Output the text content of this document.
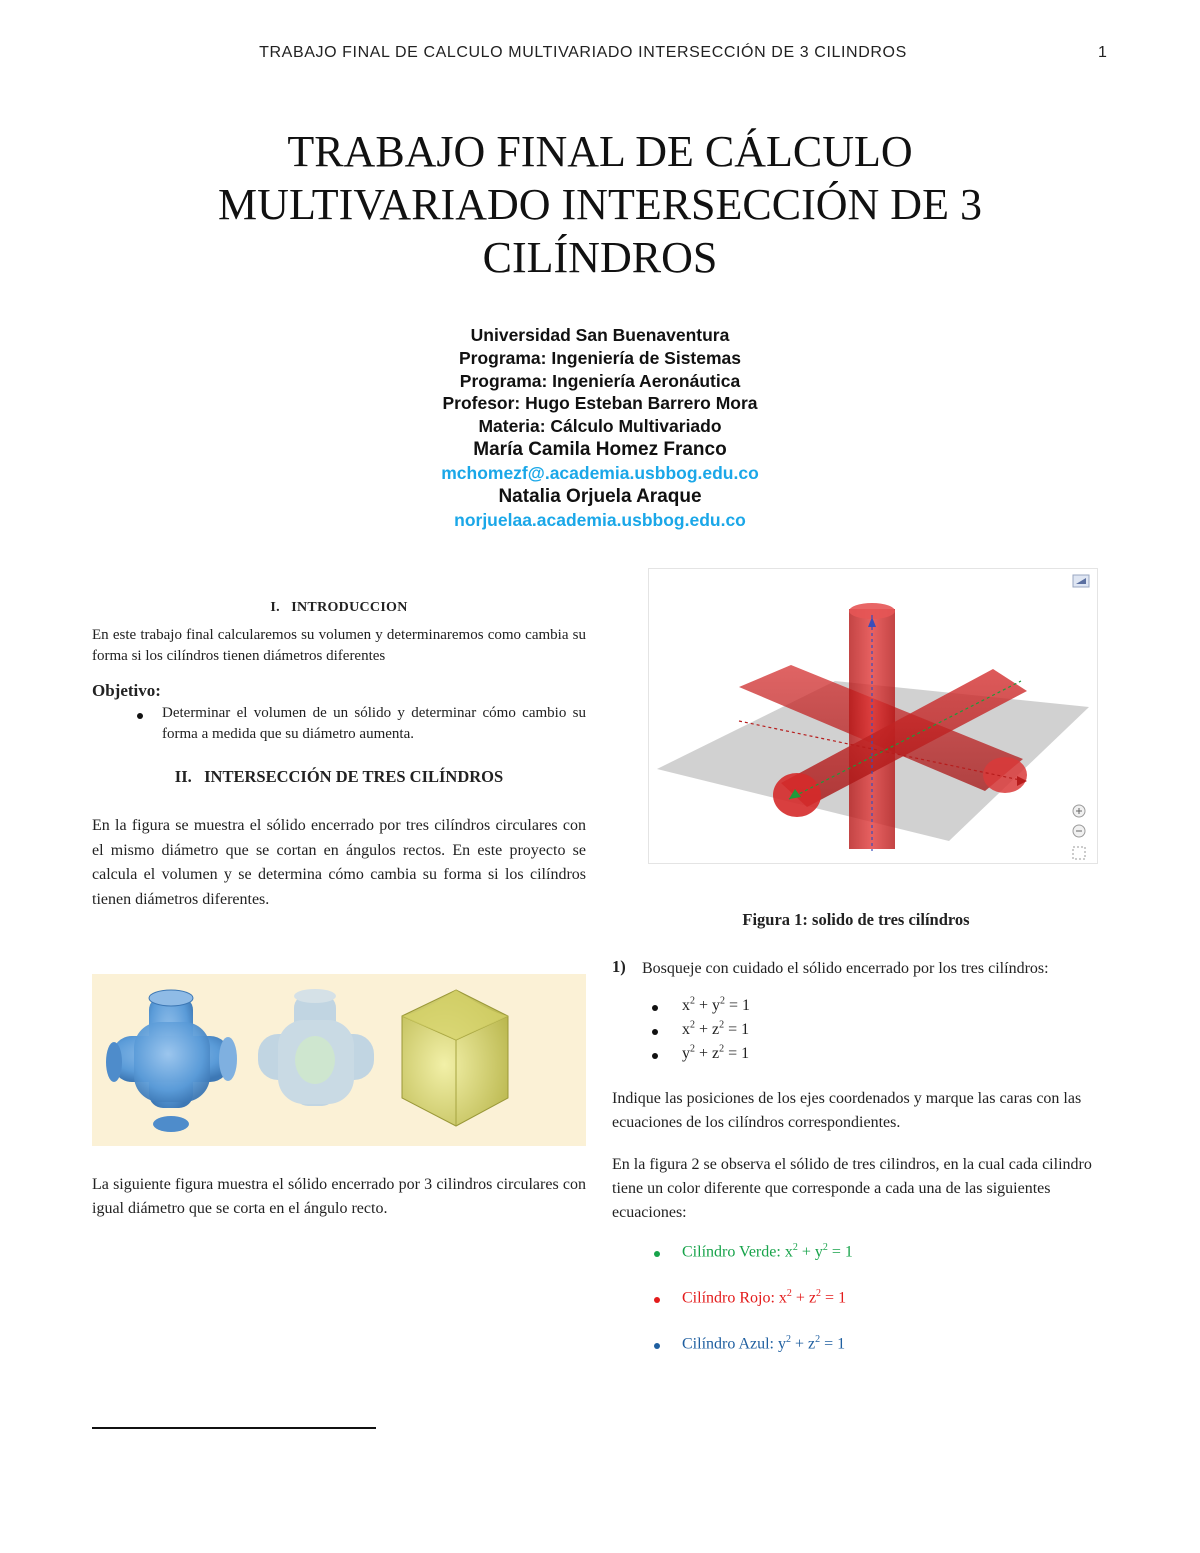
TRABAJO FINAL DE CALCULO MULTIVARIADO INTERSECCIÓN DE 3 CILINDROS	1
TRABAJO FINAL DE CÁLCULO
MULTIVARIADO INTERSECCIÓN DE 3
CILÍNDROS
Universidad San Buenaventura
Programa: Ingeniería de Sistemas
Programa: Ingeniería Aeronáutica
Profesor: Hugo Esteban Barrero Mora
Materia: Cálculo Multivariado
María Camila Homez Franco
mchomezf@.academia.usbbog.edu.co
Natalia Orjuela Araque
norjuelaa.academia.usbbog.edu.co

I.   INTRODUCCION

En este trabajo final calcularemos su volumen y determinaremos como cambia su forma si los cilíndros tienen diámetros diferentes

Objetivo:

Determinar el volumen de un sólido y determinar cómo cambio su forma a medida que su diámetro aumenta.

II.   INTERSECCIÓN DE TRES CILÍNDROS

En la figura se muestra el sólido encerrado por tres cilíndros circulares con el mismo diámetro que se cortan en ángulos rectos. En este proyecto se calcula el volumen y se determina cómo cambia su forma si los cilíndros tienen diámetros diferentes.

La siguiente figura muestra el sólido encerrado por 3 cilindros circulares con igual diámetro que se corta en el ángulo recto.

Figura 1: solido de tres cilíndros

1) Bosqueje con cuidado el sólido encerrado por los tres cilíndros:

$x^2 + y^2 = 1$
$x^2 + z^2 = 1$
$y^2 + z^2 = 1$

Indique las posiciones de los ejes coordenados y marque las caras con las ecuaciones de los cilíndros correspondientes.

En la figura 2 se observa el sólido de tres cilindros, en la cual cada cilindro tiene un color diferente que corresponde a cada una de las siguientes ecuaciones:

Cilíndro Verde: $x^2 + y^2 = 1$
Cilíndro Rojo: $x^2 + z^2 = 1$
Cilíndro Azul: $y^2 + z^2 = 1$
